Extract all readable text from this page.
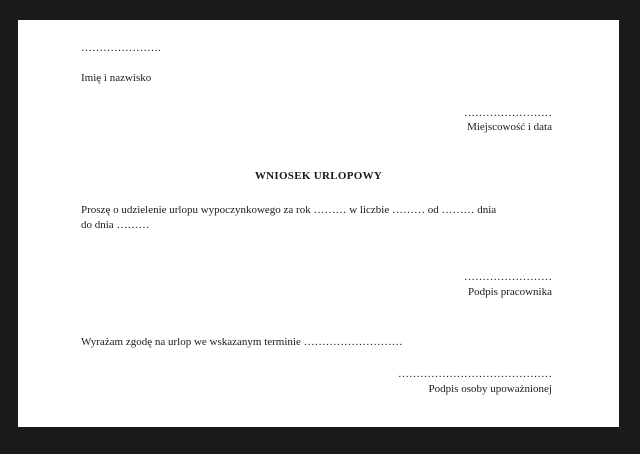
………………….
Imię i nazwisko
……………………
Miejscowość i data
WNIOSEK URLOPOWY
Proszę o udzielenie urlopu wypoczynkowego za rok ……… w liczbie ……… od ……… dnia
do dnia ………
……………………
Podpis pracownika
Wyrażam zgodę na urlop we wskazanym terminie ………………………
……………………………………
Podpis osoby upoważnionej
